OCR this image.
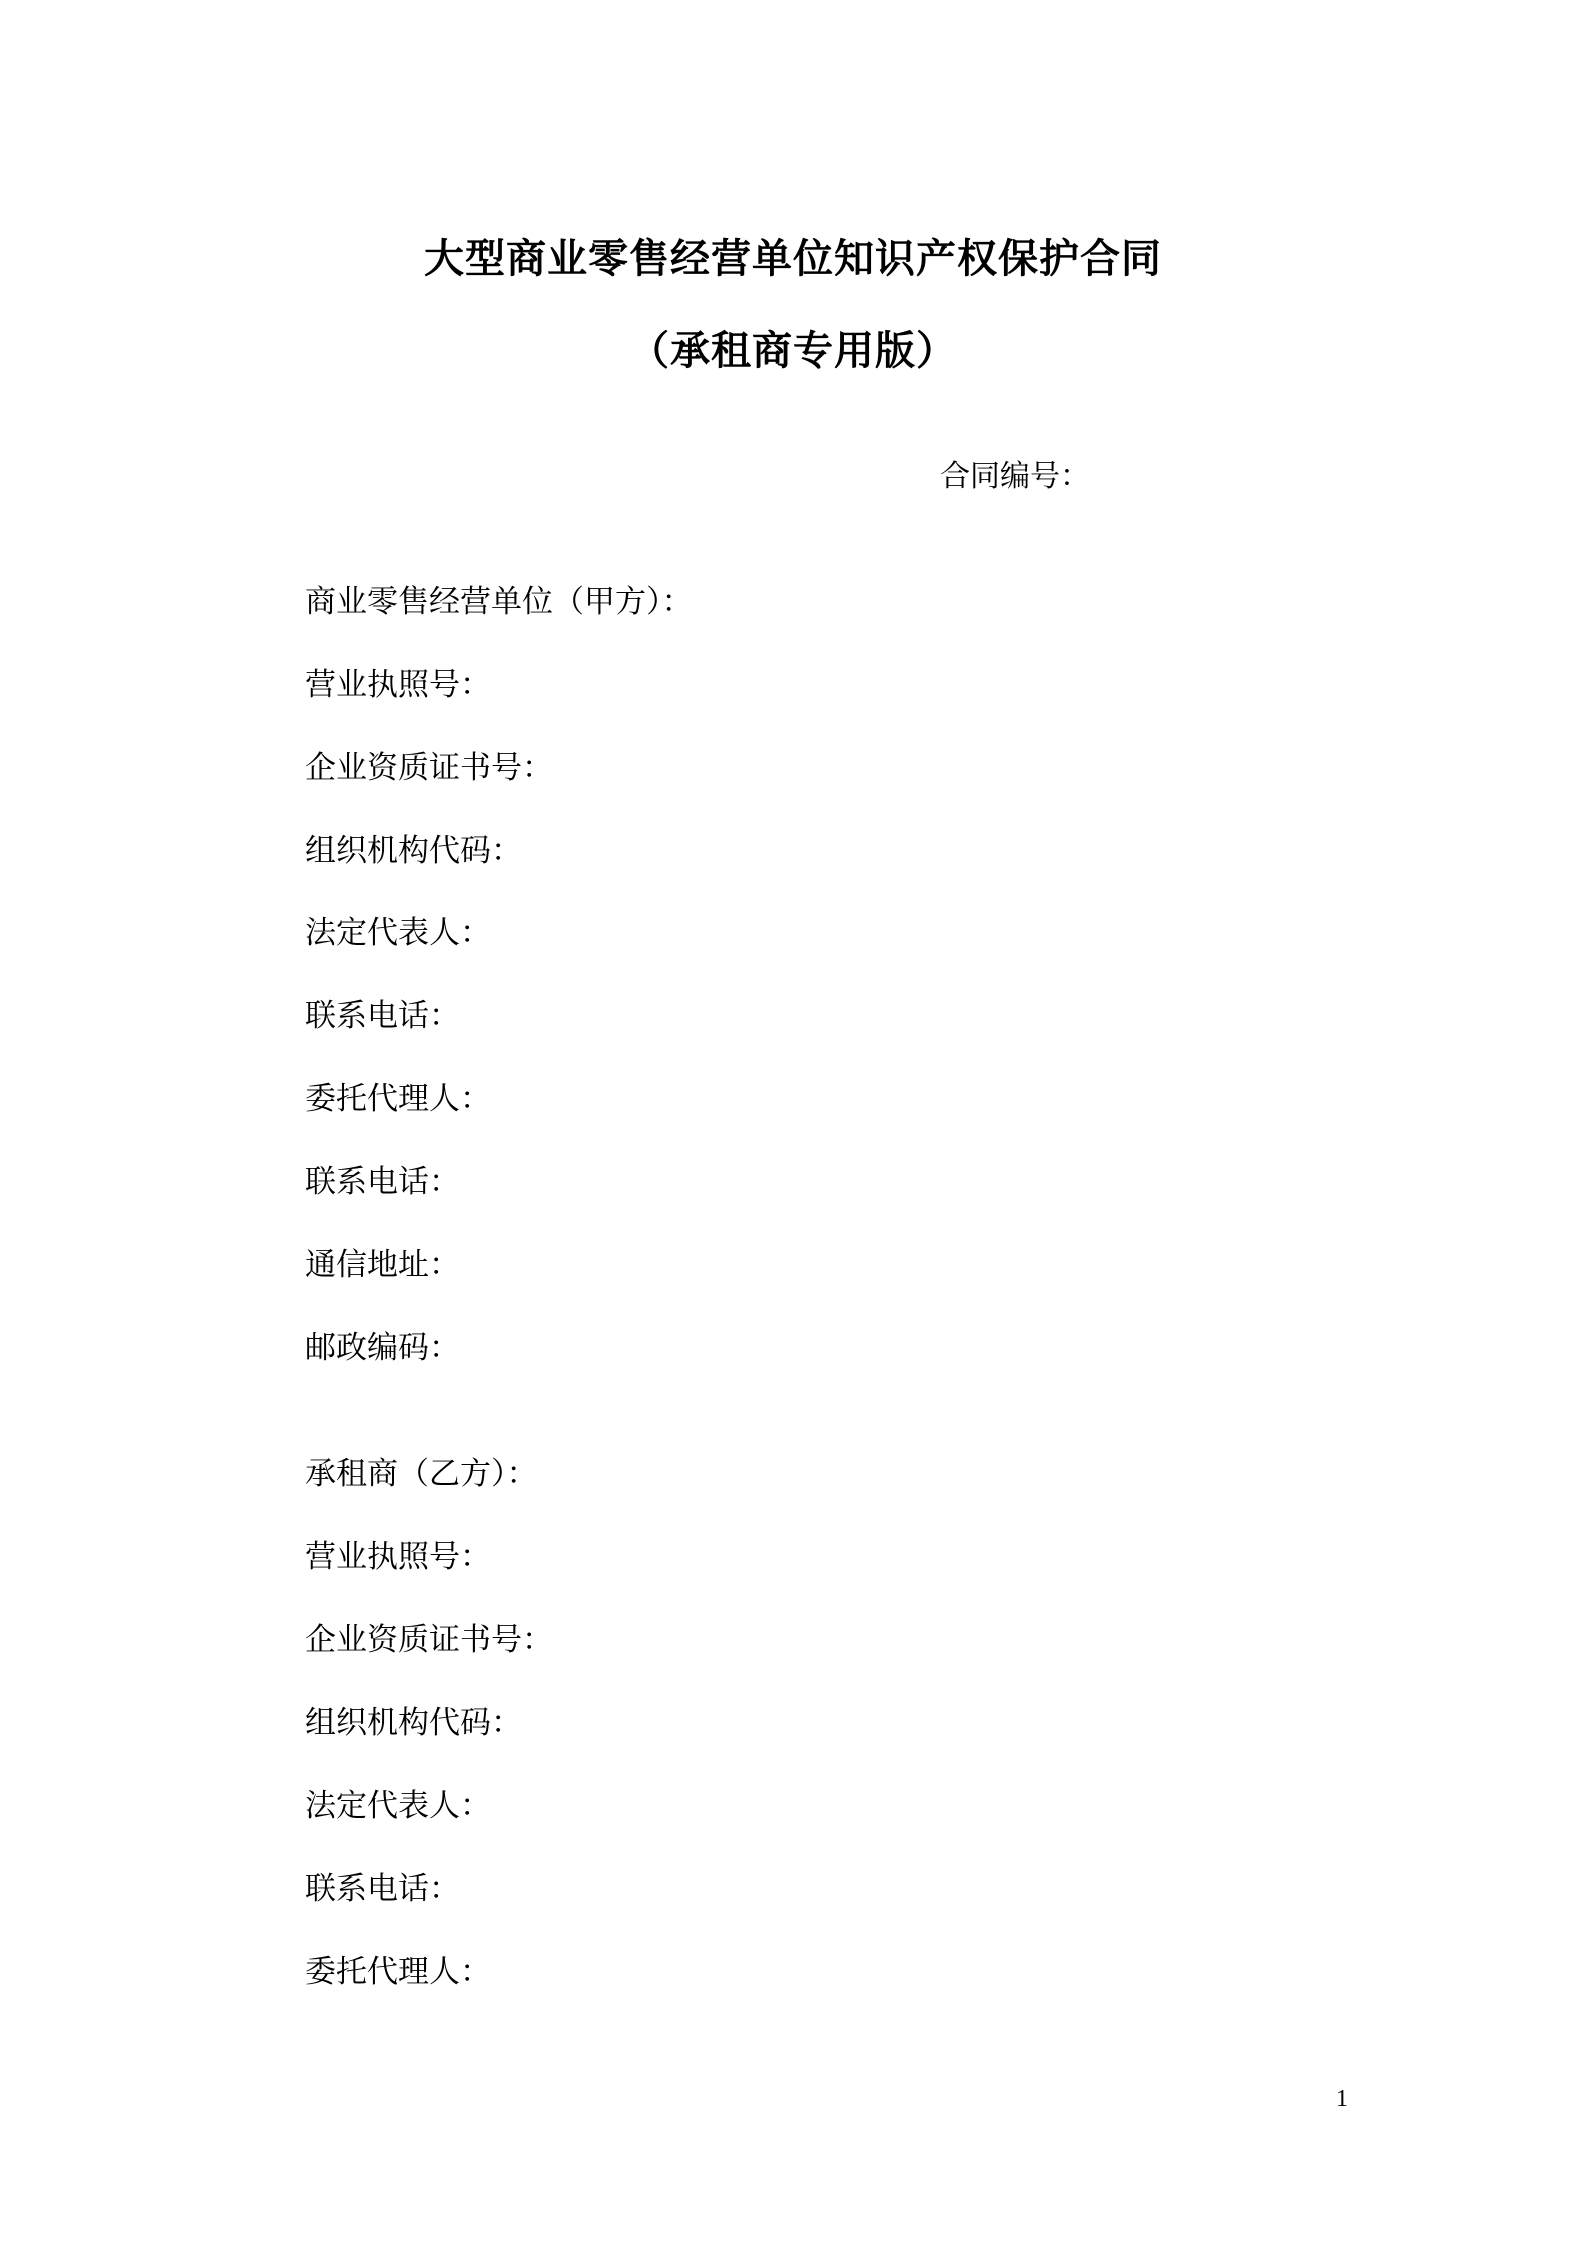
大型商业零售经营单位知识产权保护合同
（承租商专用版）
合同编号：
商业零售经营单位（甲方）：
营业执照号：
企业资质证书号：
组织机构代码：
法定代表人：
联系电话：
委托代理人：
联系电话：
通信地址：
邮政编码：
承租商（乙方）：
营业执照号：
企业资质证书号：
组织机构代码：
法定代表人：
联系电话：
委托代理人：
1
